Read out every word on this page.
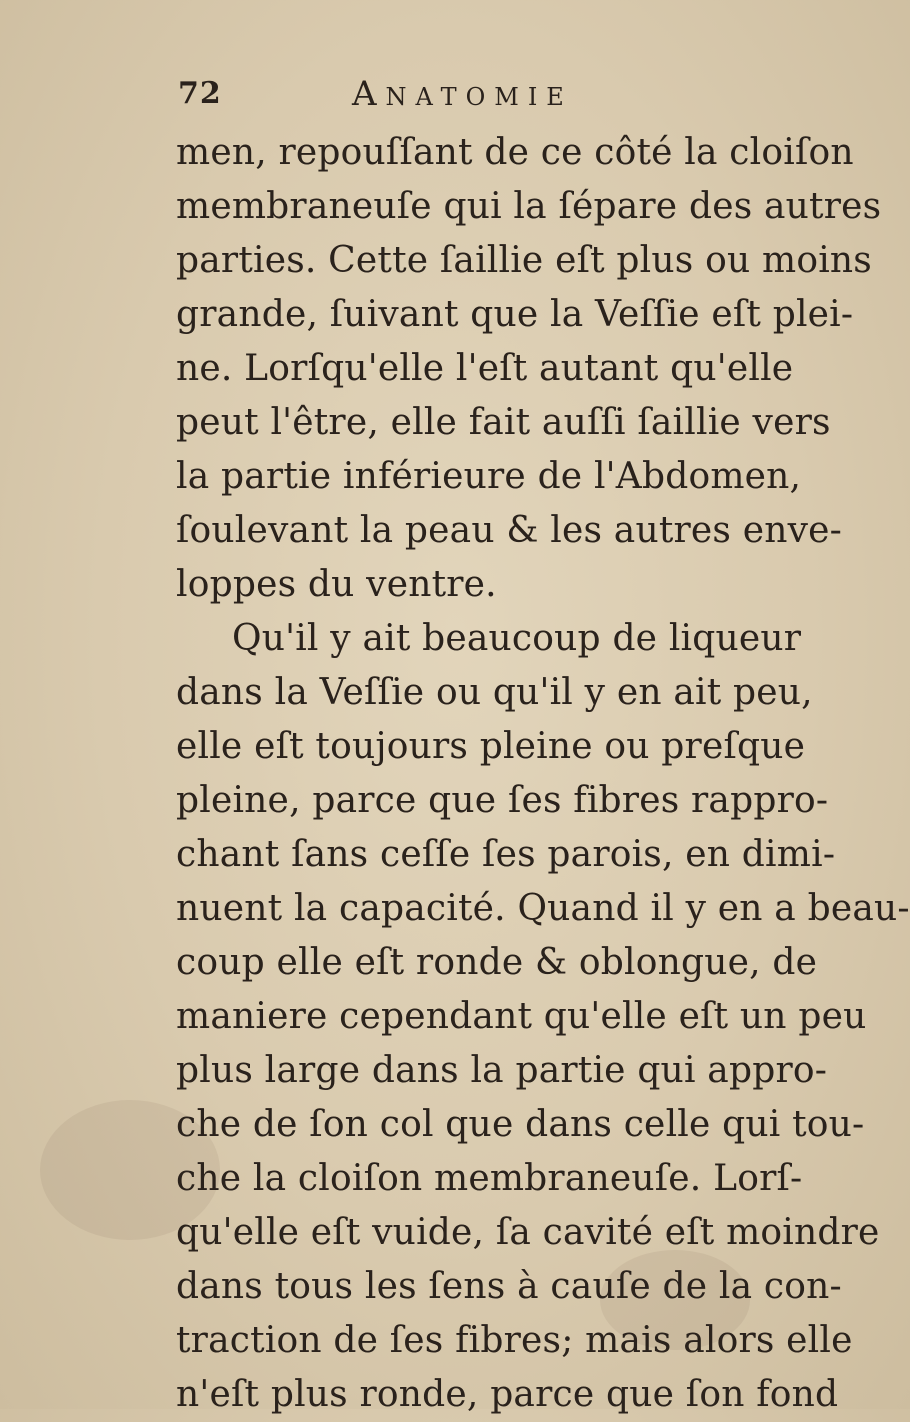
72	Anatomie
men, repouſſant de ce côté la cloiſon
membraneuſe qui la ſépare des autres
parties. Cette ſaillie eſt plus ou moins
grande, ſuivant que la Veſſie eſt plei-
ne. Lorſqu'elle l'eſt autant qu'elle
peut l'être, elle fait auſſi ſaillie vers
la partie inférieure de l'Abdomen,
ſoulevant la peau & les autres enve-
loppes du ventre.
Qu'il y ait beaucoup de liqueur
dans la Veſſie ou qu'il y en ait peu,
elle eſt toujours pleine ou preſque
pleine, parce que ſes fibres rappro-
chant ſans ceſſe ſes parois, en dimi-
nuent la capacité. Quand il y en a beau-
coup elle eſt ronde & oblongue, de
maniere cependant qu'elle eſt un peu
plus large dans la partie qui appro-
che de ſon col que dans celle qui tou-
che la cloiſon membraneuſe. Lorſ-
qu'elle eſt vuide, ſa cavité eſt moindre
dans tous les ſens à cauſe de la con-
traction de ſes fibres; mais alors elle
n'eſt plus ronde, parce que ſon fond
